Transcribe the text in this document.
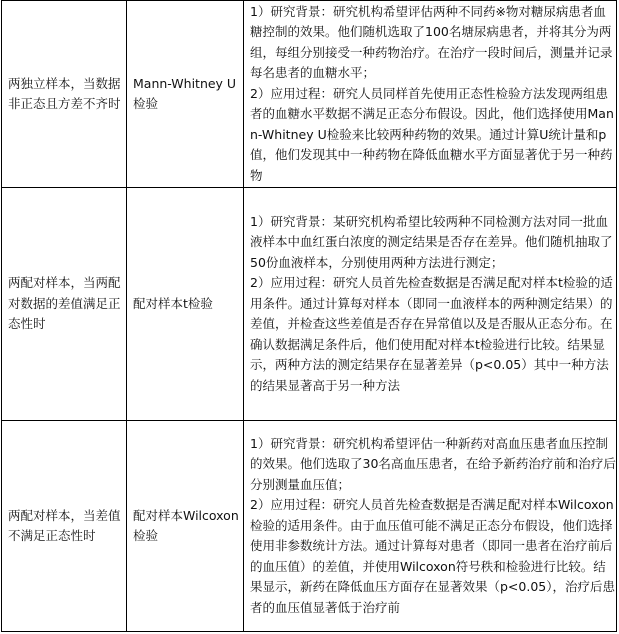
两独立样本，当数据非正态且方差不齐时	Mann-Whitney U检验	1）研究背景：研究机构希望评估两种不同药※物对糖尿病患者血糖控制的效果。他们随机选取了100名塘尿病患者，并将其分为两组，每组分别接受一种药物治疗。在治疗一段时间后，测量并记录每名患者的血糖水平；
2）应用过程：研究人员同样首先使用正态性检验方法发现两组患者的血糖水平数据不满足正态分布假设。因此，他们选择使用Mann-Whitney U检验来比较两种药物的效果。通过计算U统计量和p值，他们发现其中一种药物在降低血糖水平方面显著优于另一种药物

两配对样本，当两配对数据的差值满足正态性时	配对样本t检验	1）研究背景：某研究机构希望比较两种不同检测方法对同一批血液样本中血红蛋白浓度的测定结果是否存在差异。他们随机抽取了50份血液样本，分别使用两种方法进行测定；
2）应用过程：研究人员首先检查数据是否满足配对样本t检验的适用条件。通过计算每对样本（即同一血液样本的两种测定结果）的差值，并检查这些差值是否存在异常值以及是否服从正态分布。在确认数据满足条件后，他们使用配对样本t检验进行比较。结果显示，两种方法的测定结果存在显著差异（p<0.05）其中一种方法的结果显著高于另一种方法

两配对样本，当差值不满足正态性时	配对样本Wilcoxon检验	1）研究背景：研究机构希望评估一种新药对高血压患者血压控制的效果。他们选取了30名高血压患者，在给予新药治疗前和治疗后分别测量血压值；
2）应用过程：研究人员首先检查数据是否满足配对样本Wilcoxon检验的适用条件。由于血压值可能不满足正态分布假设，他们选择使用非参数统计方法。通过计算每对患者（即同一患者在治疗前后的血压值）的差值，并使用Wilcoxon符号秩和检验进行比较。结果显示，新药在降低血压方面存在显著效果（p<0.05），治疗后患者的血压值显著低于治疗前
